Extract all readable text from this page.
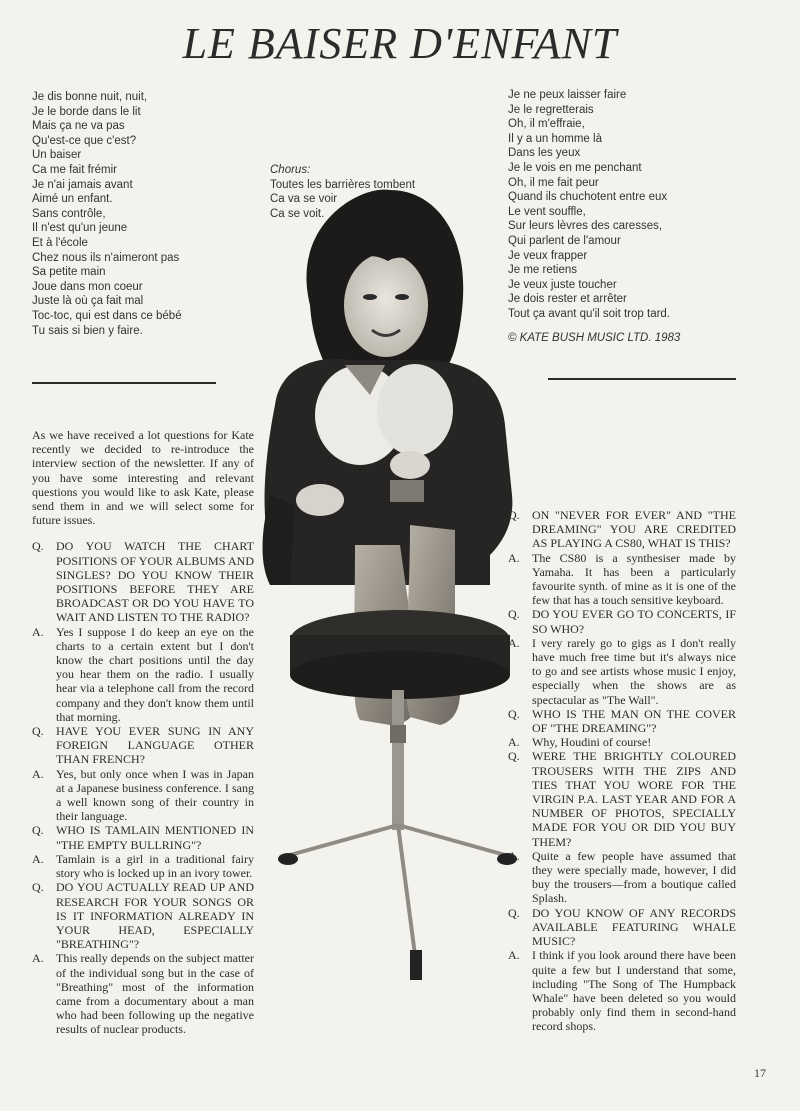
LE BAISER D'ENFANT
Je dis bonne nuit, nuit,
Je le borde dans le lit
Mais ça ne va pas
Qu'est-ce que c'est?
Un baiser
Ca me fait frémir
Je n'ai jamais avant
Aimé un enfant.
Sans contrôle,
Il n'est qu'un jeune
Et à l'école
Chez nous ils n'aimeront pas
Sa petite main
Joue dans mon coeur
Juste là où ça fait mal
Toc-toc, qui est dans ce bébé
Tu sais si bien y faire.
Chorus:
Toutes les barrières tombent
Ca va se voir
Ca se voit.
Je ne peux laisser faire
Je le regretterais
Oh, il m'effraie,
Il y a un homme là
Dans les yeux
Je le vois en me penchant
Oh, il me fait peur
Quand ils chuchotent entre eux
Le vent souffle,
Sur leurs lèvres des caresses,
Qui parlent de l'amour
Je veux frapper
Je me retiens
Je veux juste toucher
Je dois rester et arrêter
Tout ça avant qu'il soit trop tard.
© KATE BUSH MUSIC LTD. 1983

As we have received a lot questions for Kate recently we decided to re-introduce the interview section of the newsletter. If any of you have some interesting and relevant questions you would like to ask Kate, please send them in and we will select some for future issues.

Q.	DO YOU WATCH THE CHART POSITIONS OF YOUR ALBUMS AND SINGLES? DO YOU KNOW THEIR POSITIONS BEFORE THEY ARE BROADCAST OR DO YOU HAVE TO WAIT AND LISTEN TO THE RADIO?
A.	Yes I suppose I do keep an eye on the charts to a certain extent but I don't know the chart positions until the day you hear them on the radio. I usually hear via a telephone call from the record company and they don't know them until that morning.
Q.	HAVE YOU EVER SUNG IN ANY FOREIGN LANGUAGE OTHER THAN FRENCH?
A.	Yes, but only once when I was in Japan at a Japanese business conference. I sang a well known song of their country in their language.
Q.	WHO IS TAMLAIN MENTIONED IN "THE EMPTY BULLRING"?
A.	Tamlain is a girl in a traditional fairy story who is locked up in an ivory tower.
Q.	DO YOU ACTUALLY READ UP AND RESEARCH FOR YOUR SONGS OR IS IT INFORMATION ALREADY IN YOUR HEAD, ESPECIALLY "BREATHING"?
A.	This really depends on the subject matter of the individual song but in the case of "Breathing" most of the information came from a documentary about a man who had been following up the negative results of nuclear products.
Q.	ON "NEVER FOR EVER" AND "THE DREAMING" YOU ARE CREDITED AS PLAYING A CS80, WHAT IS THIS?
A.	The CS80 is a synthesiser made by Yamaha. It has been a particularly favourite synth. of mine as it is one of the few that has a touch sensitive keyboard.
Q.	DO YOU EVER GO TO CONCERTS, IF SO WHO?
A.	I very rarely go to gigs as I don't really have much free time but it's always nice to go and see artists whose music I enjoy, especially when the shows are as spectacular as "The Wall".
Q.	WHO IS THE MAN ON THE COVER OF "THE DREAMING"?
A.	Why, Houdini of course!
Q.	WERE THE BRIGHTLY COLOURED TROUSERS WITH THE ZIPS AND TIES THAT YOU WORE FOR THE VIRGIN P.A. LAST YEAR AND FOR A NUMBER OF PHOTOS, SPECIALLY MADE FOR YOU OR DID YOU BUY THEM?
A.	Quite a few people have assumed that they were specially made, however, I did buy the trousers—from a boutique called Splash.
Q.	DO YOU KNOW OF ANY RECORDS AVAILABLE FEATURING WHALE MUSIC?
A.	I think if you look around there have been quite a few but I understand that some, including "The Song of The Humpback Whale" have been deleted so you would probably only find them in second-hand record shops.
17
